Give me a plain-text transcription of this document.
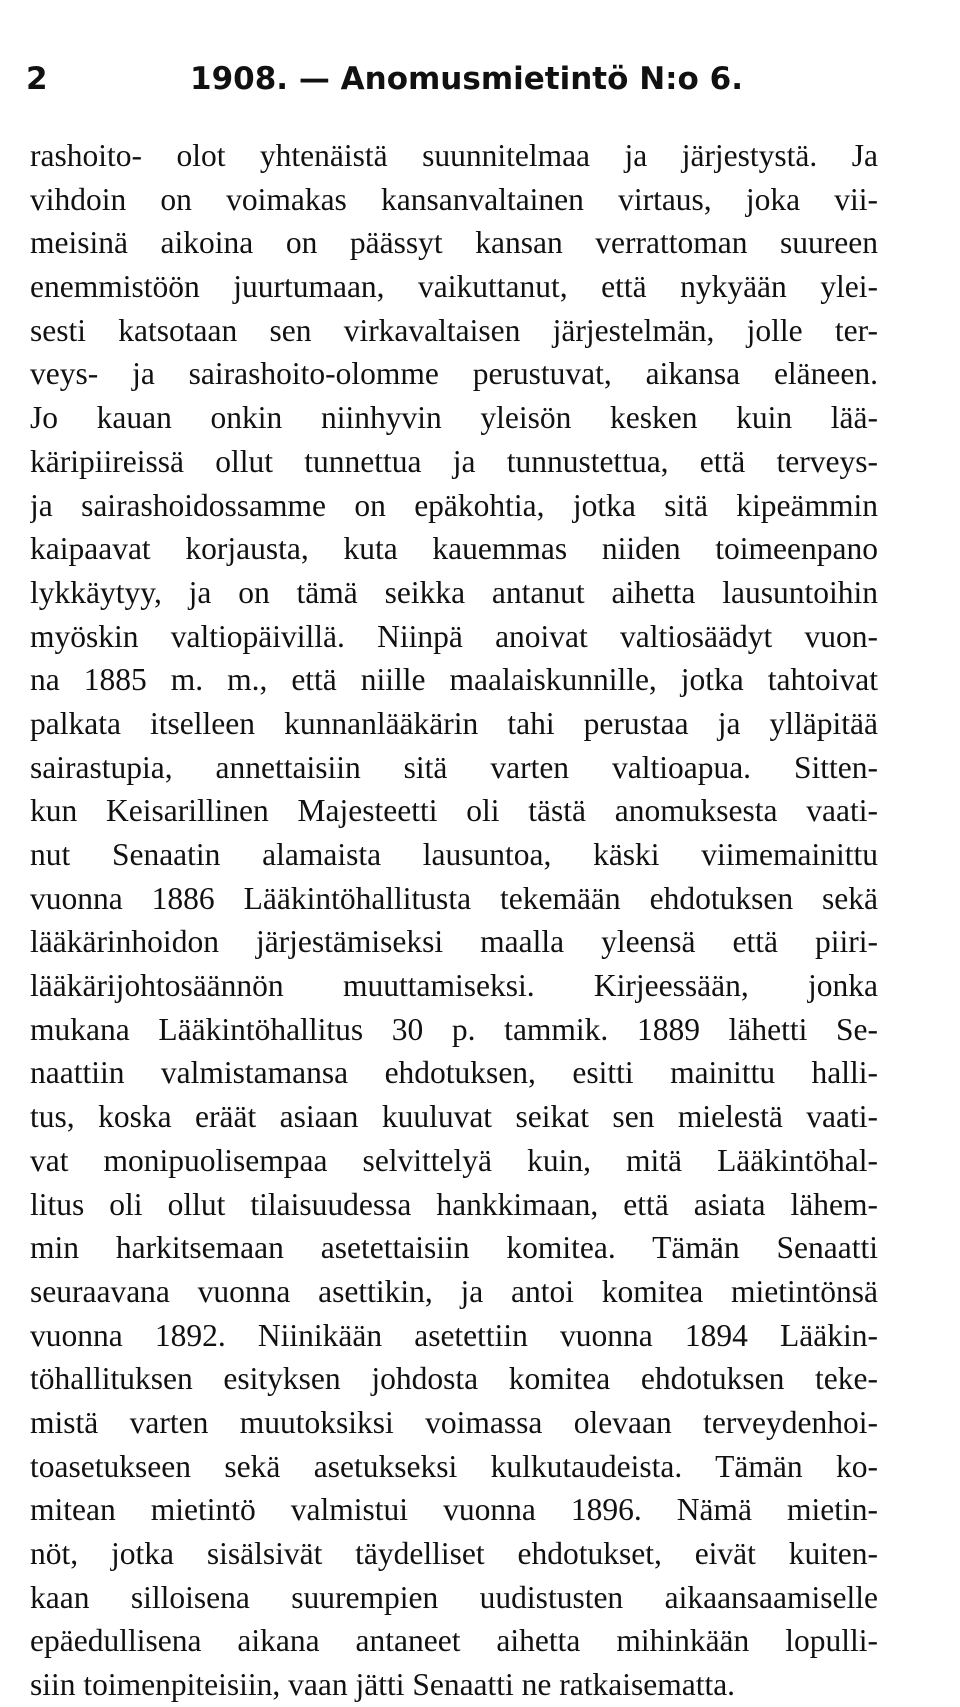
2	1908. — Anomusmietintö N:o 6.
rashoito- olot yhtenäistä suunnitelmaa ja järjestystä. Ja
vihdoin on voimakas kansanvaltainen virtaus, joka vii-
meisinä aikoina on päässyt kansan verrattoman suureen
enemmistöön juurtumaan, vaikuttanut, että nykyään ylei-
sesti katsotaan sen virkavaltaisen järjestelmän, jolle ter-
veys- ja sairashoito-olomme perustuvat, aikansa eläneen.
Jo kauan onkin niinhyvin yleisön kesken kuin lää-
käripiireissä ollut tunnettua ja tunnustettua, että terveys-
ja sairashoidossamme on epäkohtia, jotka sitä kipeämmin
kaipaavat korjausta, kuta kauemmas niiden toimeenpano
lykkäytyy, ja on tämä seikka antanut aihetta lausuntoihin
myöskin valtiopäivillä. Niinpä anoivat valtiosäädyt vuon-
na 1885 m. m., että niille maalaiskunnille, jotka tahtoivat
palkata itselleen kunnanlääkärin tahi perustaa ja ylläpitää
sairastupia, annettaisiin sitä varten valtioapua. Sitten-
kun Keisarillinen Majesteetti oli tästä anomuksesta vaati-
nut Senaatin alamaista lausuntoa, käski viimemainittu
vuonna 1886 Lääkintöhallitusta tekemään ehdotuksen sekä
lääkärinhoidon järjestämiseksi maalla yleensä että piiri-
lääkärijohtosäännön muuttamiseksi. Kirjeessään, jonka
mukana Lääkintöhallitus 30 p. tammik. 1889 lähetti Se-
naattiin valmistamansa ehdotuksen, esitti mainittu halli-
tus, koska eräät asiaan kuuluvat seikat sen mielestä vaati-
vat monipuolisempaa selvittelyä kuin, mitä Lääkintöhal-
litus oli ollut tilaisuudessa hankkimaan, että asiata lähem-
min harkitsemaan asetettaisiin komitea. Tämän Senaatti
seuraavana vuonna asettikin, ja antoi komitea mietintönsä
vuonna 1892. Niinikään asetettiin vuonna 1894 Lääkin-
töhallituksen esityksen johdosta komitea ehdotuksen teke-
mistä varten muutoksiksi voimassa olevaan terveydenhoi-
toasetukseen sekä asetukseksi kulkutaudeista. Tämän ko-
mitean mietintö valmistui vuonna 1896. Nämä mietin-
nöt, jotka sisälsivät täydelliset ehdotukset, eivät kuiten-
kaan silloisena suurempien uudistusten aikaansaamiselle
epäedullisena aikana antaneet aihetta mihinkään lopulli-
siin toimenpiteisiin, vaan jätti Senaatti ne ratkaisematta.
